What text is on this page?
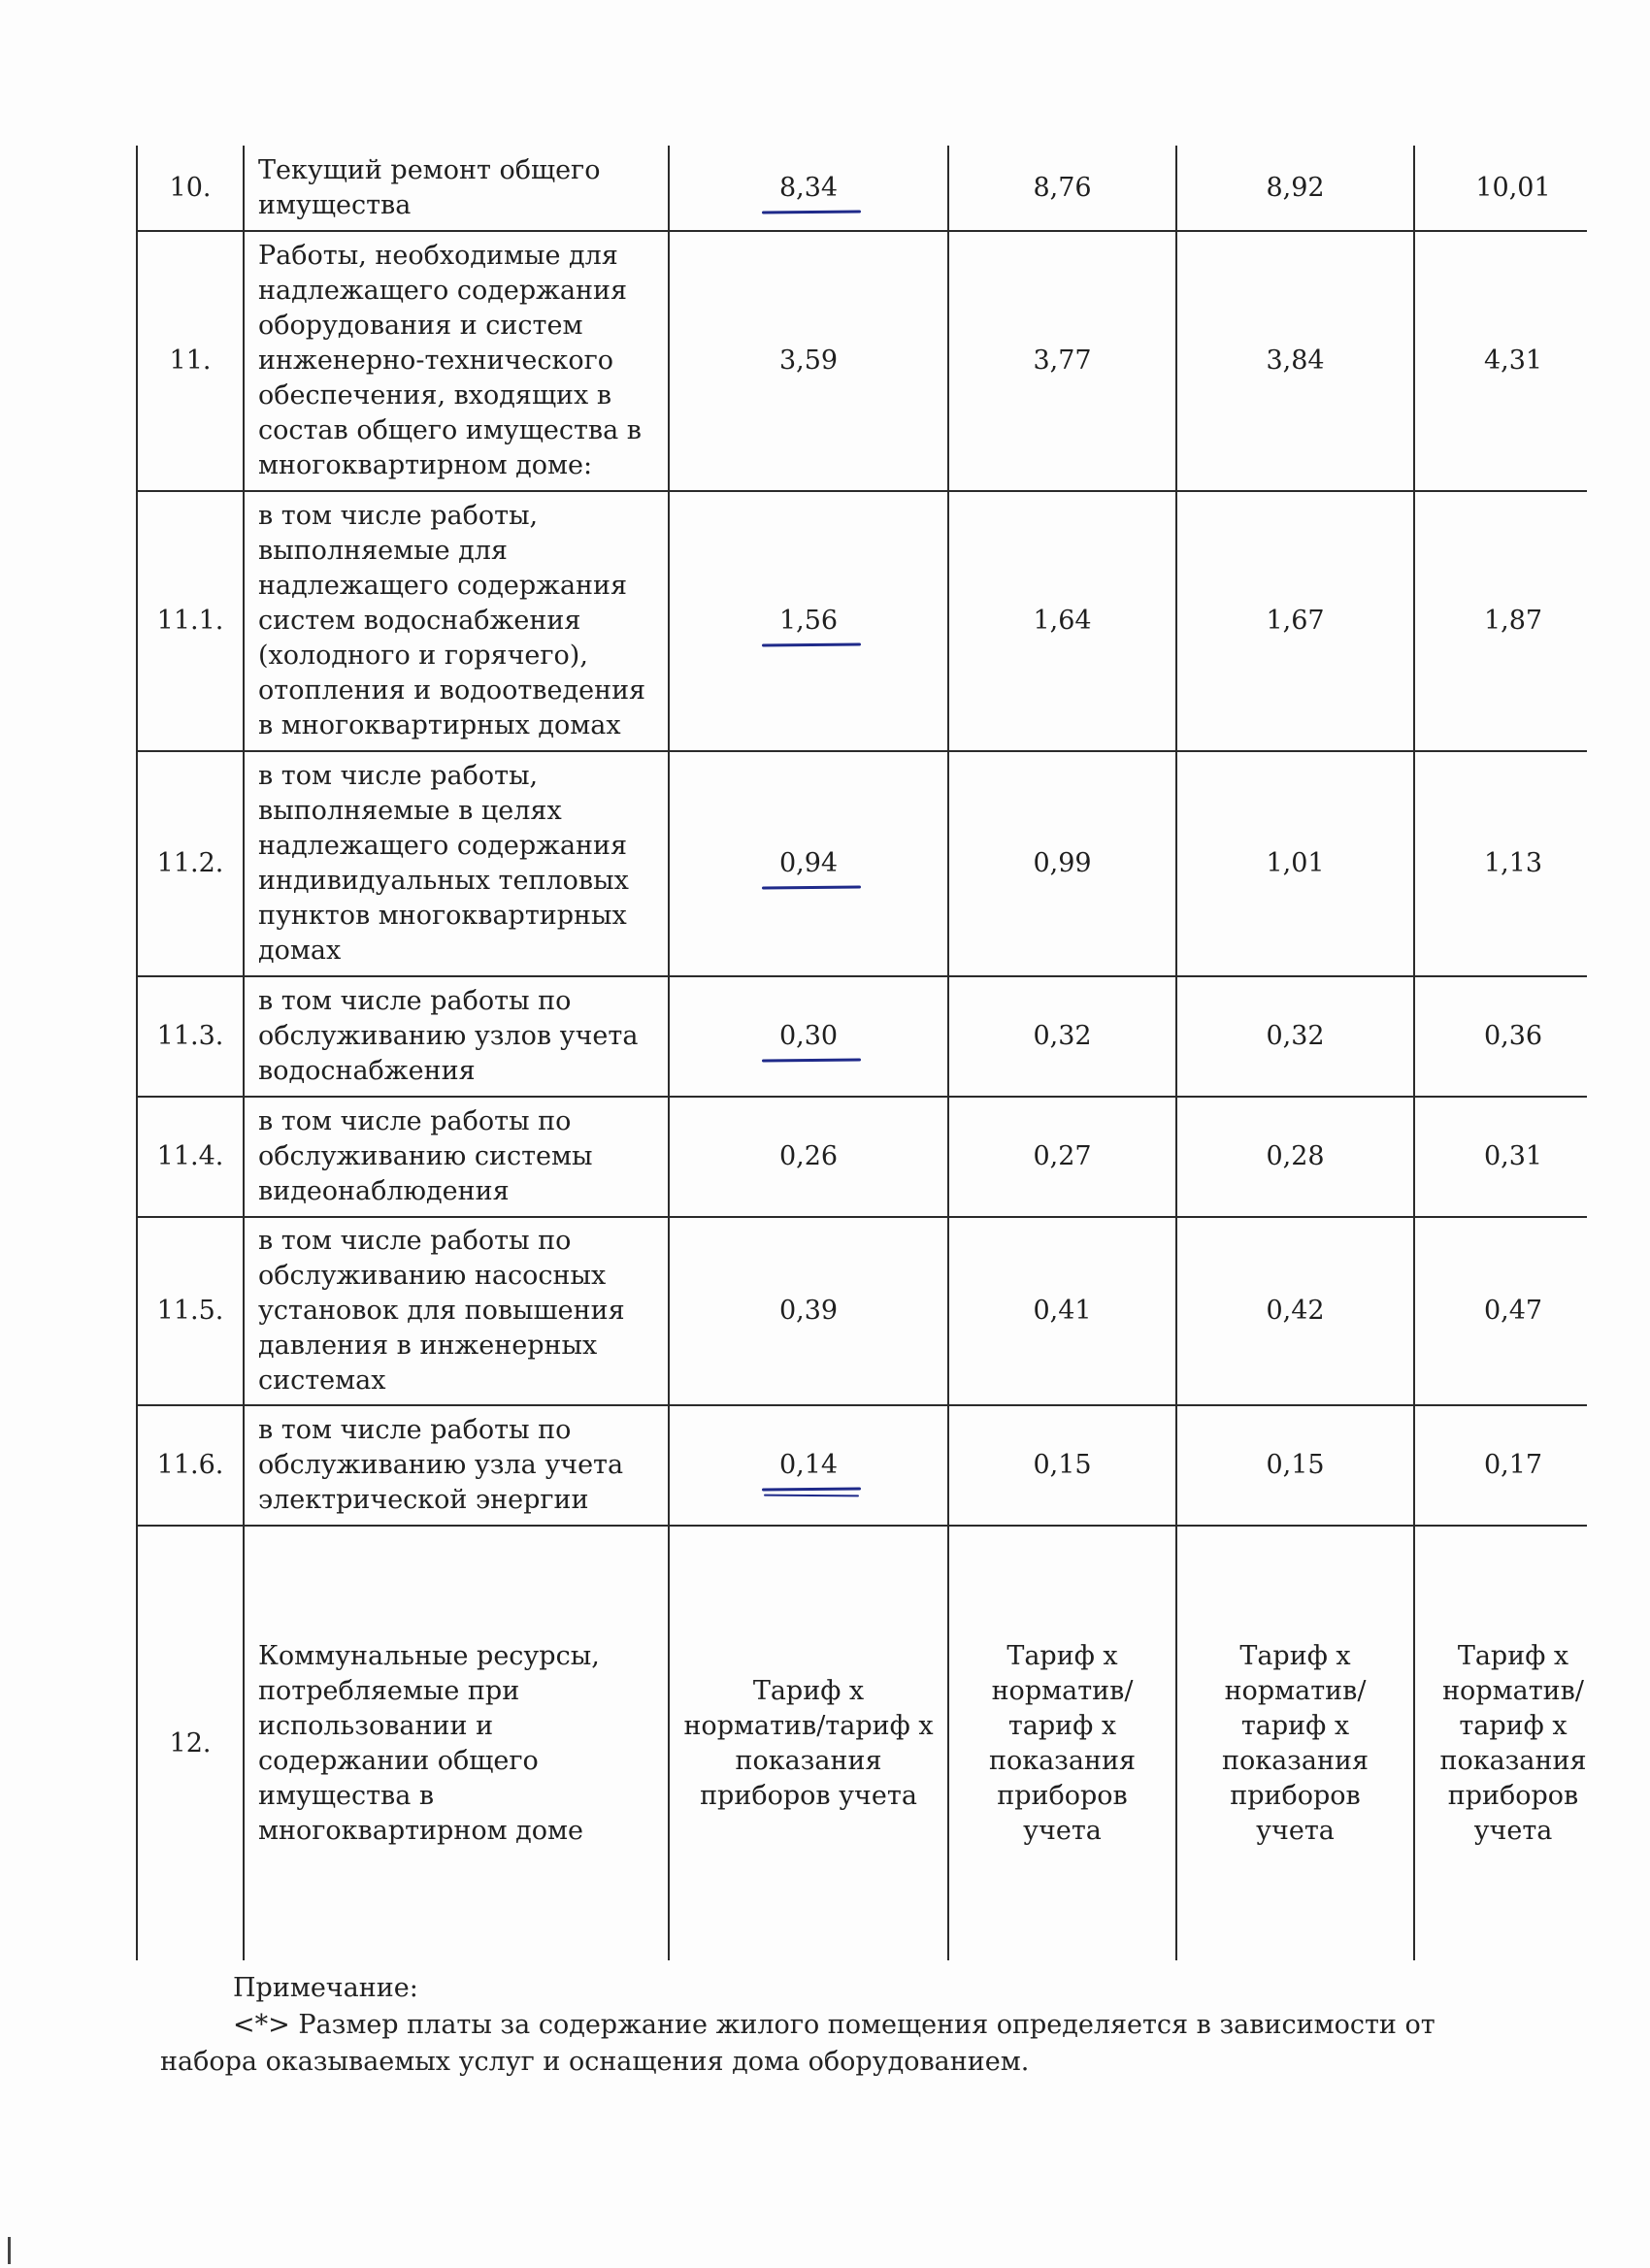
10.	Текущий ремонт общего имущества	8,34	8,76	8,92	10,01
11.	Работы, необходимые для надлежащего содержания оборудования и систем инженерно-технического обеспечения, входящих в состав общего имущества в многоквартирном доме:	3,59	3,77	3,84	4,31
11.1.	в том числе работы, выполняемые для надлежащего содержания систем водоснабжения (холодного и горячего), отопления и водоотведения в многоквартирных домах	1,56	1,64	1,67	1,87
11.2.	в том числе работы, выполняемые в целях надлежащего содержания индивидуальных тепловых пунктов многоквартирных домах	0,94	0,99	1,01	1,13
11.3.	в том числе работы по обслуживанию узлов учета водоснабжения	0,30	0,32	0,32	0,36
11.4.	в том числе работы по обслуживанию системы видеонаблюдения	0,26	0,27	0,28	0,31
11.5.	в том числе работы по обслуживанию насосных установок для повышения давления в инженерных системах	0,39	0,41	0,42	0,47
11.6.	в том числе работы по обслуживанию узла учета электрической энергии	0,14	0,15	0,15	0,17
12.	Коммунальные ресурсы, потребляемые при использовании и содержании общего имущества в многоквартирном доме	Тариф х норматив/тариф х показания приборов учета	Тариф х норматив/тариф х показания приборов учета	Тариф х норматив/тариф х показания приборов учета	Тариф х норматив/тариф х показания приборов учета
Примечание:
<*> Размер платы за содержание жилого помещения определяется в зависимости от набора оказываемых услуг и оснащения дома оборудованием.
